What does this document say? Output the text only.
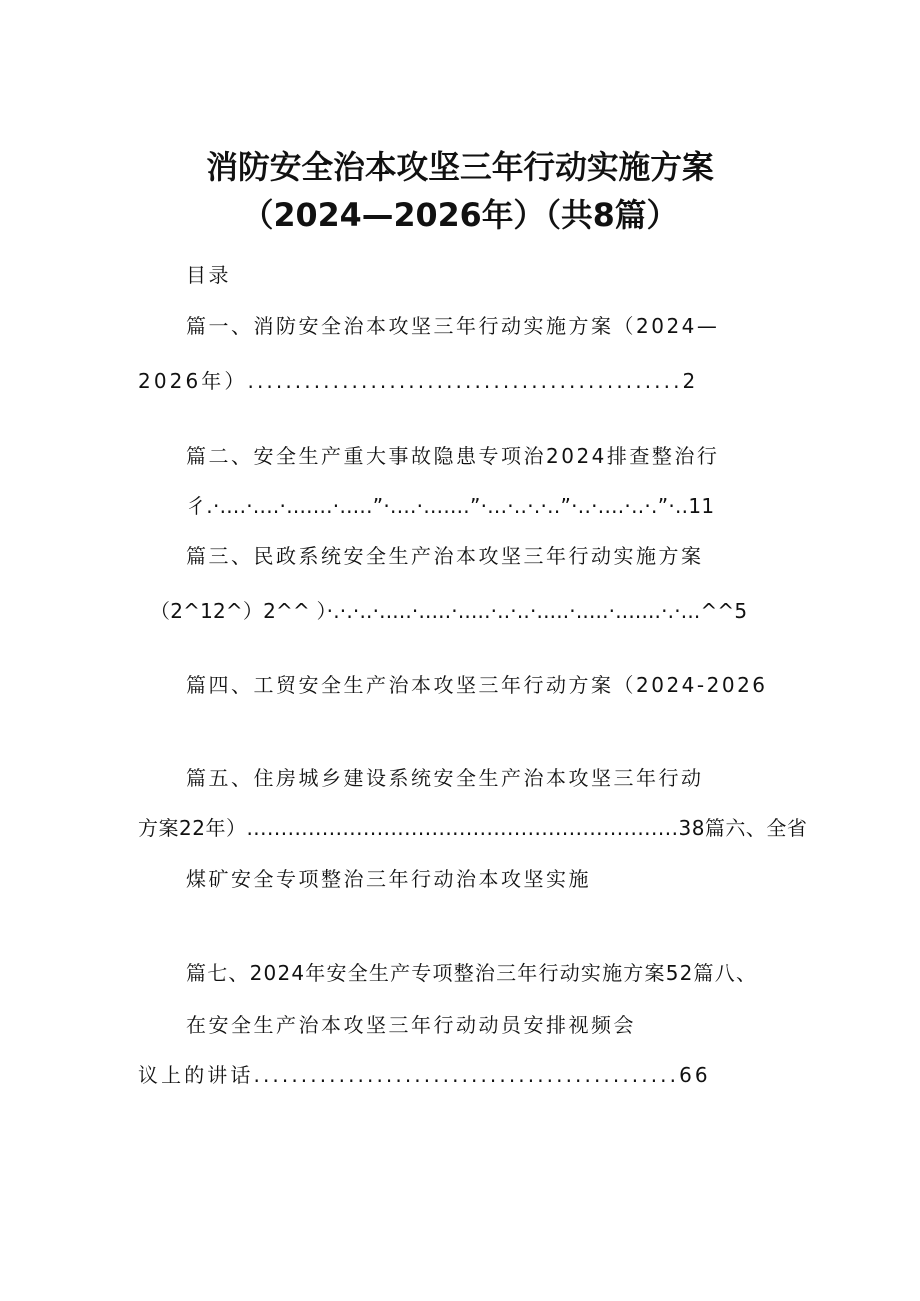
消防安全治本攻坚三年行动实施方案
（2024—2026年）（共8篇）
目录
篇一、消防安全治本攻坚三年行动实施方案（2024—
2026年）..............................................2
篇二、安全生产重大事故隐患专项治2024排查整治行
彳.·....·....·.......·.....”·....·.......”·...·..·.·..”·..·....·..·.”·..11
篇三、民政系统安全生产治本攻坚三年行动实施方案
（2^12^）2^^ ）·.·.·..·.....·.....·.....·..·..·.....·.....·.......·.·...^^5
篇四、工贸安全生产治本攻坚三年行动方案（2024-2026
篇五、住房城乡建设系统安全生产治本攻坚三年行动
方案22年）...............................................................38篇六、全省
煤矿安全专项整治三年行动治本攻坚实施
篇七、2024年安全生产专项整治三年行动实施方案52篇八、
在安全生产治本攻坚三年行动动员安排视频会
议上的讲话.............................................66
